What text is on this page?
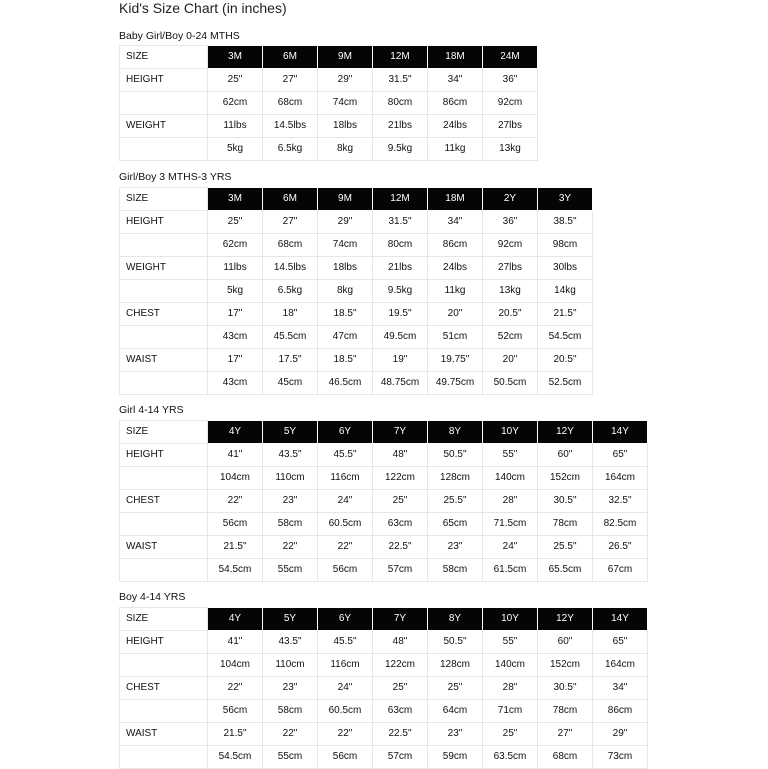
Kid's Size Chart (in inches)
Baby Girl/Boy 0-24 MTHS
SIZE	3M	6M	9M	12M	18M	24M
HEIGHT	25"	27"	29"	31.5"	34"	36"
	62cm	68cm	74cm	80cm	86cm	92cm
WEIGHT	11lbs	14.5lbs	18lbs	21lbs	24lbs	27lbs
	5kg	6.5kg	8kg	9.5kg	11kg	13kg
Girl/Boy 3 MTHS-3 YRS
SIZE	3M	6M	9M	12M	18M	2Y	3Y
HEIGHT	25"	27"	29"	31.5"	34"	36"	38.5"
	62cm	68cm	74cm	80cm	86cm	92cm	98cm
WEIGHT	11lbs	14.5lbs	18lbs	21lbs	24lbs	27lbs	30lbs
	5kg	6.5kg	8kg	9.5kg	11kg	13kg	14kg
CHEST	17"	18"	18.5"	19.5"	20"	20.5"	21.5"
	43cm	45.5cm	47cm	49.5cm	51cm	52cm	54.5cm
WAIST	17"	17.5"	18.5"	19"	19.75"	20"	20.5"
	43cm	45cm	46.5cm	48.75cm	49.75cm	50.5cm	52.5cm
Girl 4-14 YRS
SIZE	4Y	5Y	6Y	7Y	8Y	10Y	12Y	14Y
HEIGHT	41"	43.5"	45.5"	48"	50.5"	55"	60"	65"
	104cm	110cm	116cm	122cm	128cm	140cm	152cm	164cm
CHEST	22"	23"	24"	25"	25.5"	28"	30.5"	32.5"
	56cm	58cm	60.5cm	63cm	65cm	71.5cm	78cm	82.5cm
WAIST	21.5"	22"	22"	22.5"	23"	24"	25.5"	26.5"
	54.5cm	55cm	56cm	57cm	58cm	61.5cm	65.5cm	67cm
Boy 4-14 YRS
SIZE	4Y	5Y	6Y	7Y	8Y	10Y	12Y	14Y
HEIGHT	41"	43.5"	45.5"	48"	50.5"	55"	60"	65"
	104cm	110cm	116cm	122cm	128cm	140cm	152cm	164cm
CHEST	22"	23"	24"	25"	25"	28"	30.5"	34"
	56cm	58cm	60.5cm	63cm	64cm	71cm	78cm	86cm
WAIST	21.5"	22"	22"	22.5"	23"	25"	27"	29"
	54.5cm	55cm	56cm	57cm	59cm	63.5cm	68cm	73cm
